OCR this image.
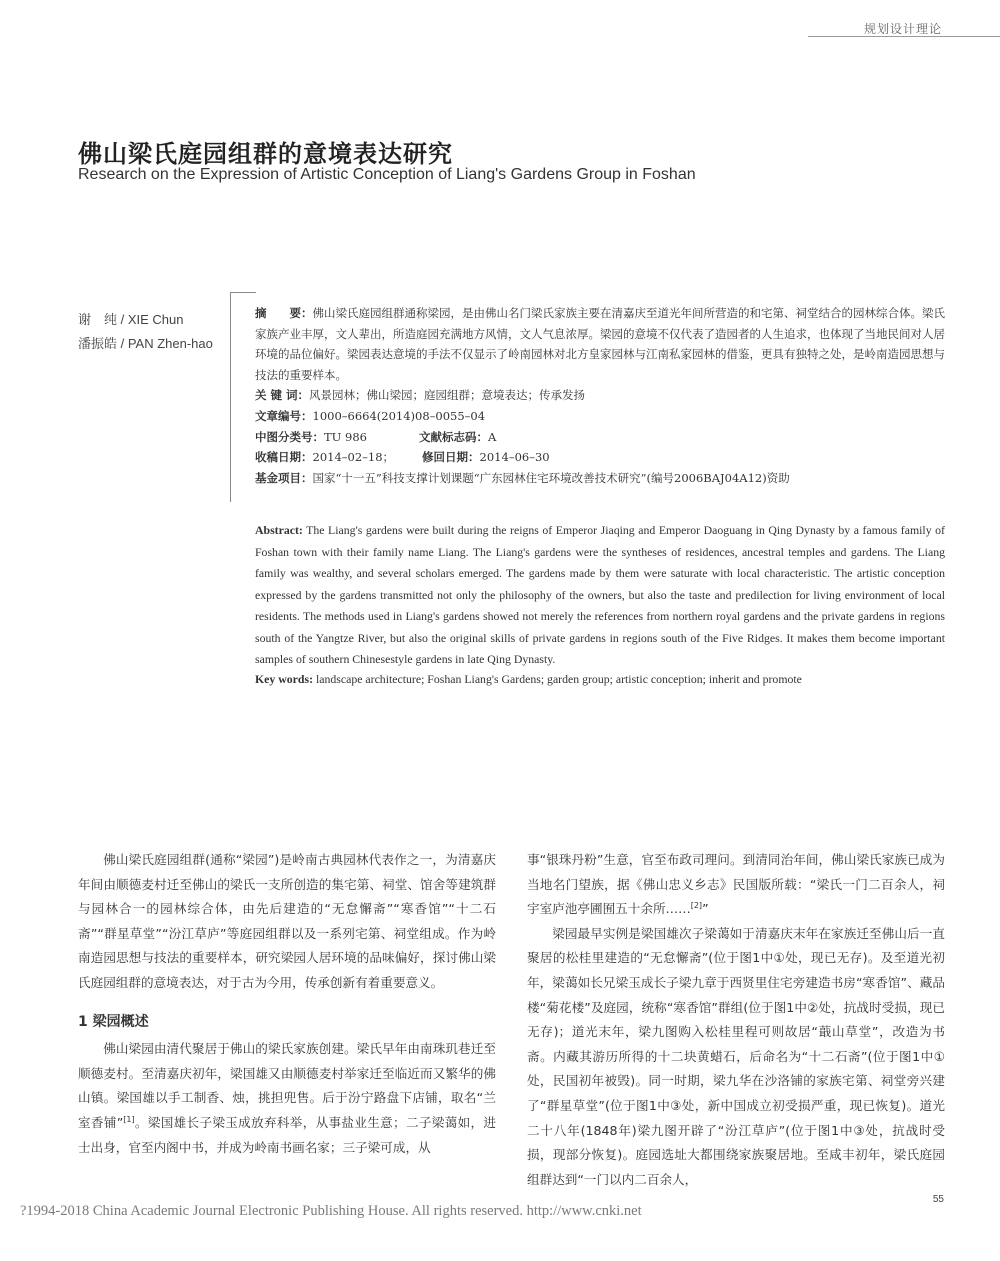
规划设计理论
佛山梁氏庭园组群的意境表达研究
Research on the Expression of Artistic Conception of Liang's Gardens Group in Foshan
谢　纯 / XIE Chun
潘振皓 / PAN Zhen-hao

摘　　要：佛山梁氏庭园组群通称梁园，是由佛山名门梁氏家族主要在清嘉庆至道光年间所营造的和宅第、祠堂结合的园林综合体。梁氏家族产业丰厚，文人辈出，所造庭园充满地方风情，文人气息浓厚。梁园的意境不仅代表了造园者的人生追求，也体现了当地民间对人居环境的品位偏好。梁园表达意境的手法不仅显示了岭南园林对北方皇家园林与江南私家园林的借鉴，更具有独特之处，是岭南造园思想与技法的重要样本。

关 键 词：风景园林；佛山梁园；庭园组群；意境表达；传承发扬

文章编号：1000–6664(2014)08–0055–04

中图分类号：TU 986	文献标志码：A

收稿日期：2014–02–18； 修回日期：2014–06–30

基金项目：国家“十一五”科技支撑计划课题“广东园林住宅环境改善技术研究”(编号2006BAJ04A12)资助

Abstract: The Liang's gardens were built during the reigns of Emperor Jiaqing and Emperor Daoguang in Qing Dynasty by a famous family of Foshan town with their family name Liang. The Liang's gardens were the syntheses of residences, ancestral temples and gardens. The Liang family was wealthy, and several scholars emerged. The gardens made by them were saturate with local characteristic. The artistic conception expressed by the gardens transmitted not only the philosophy of the owners, but also the taste and predilection for living environment of local residents. The methods used in Liang's gardens showed not merely the references from northern royal gardens and the private gardens in regions south of the Yangtze River, but also the original skills of private gardens in regions south of the Five Ridges. It makes them become important samples of southern Chinesestyle gardens in late Qing Dynasty.

Key words: landscape architecture; Foshan Liang's Gardens; garden group; artistic conception; inherit and promote

佛山梁氏庭园组群(通称“梁园”)是岭南古典园林代表作之一，为清嘉庆年间由顺德麦村迁至佛山的梁氏一支所创造的集宅第、祠堂、馆舍等建筑群与园林合一的园林综合体，由先后建造的“无怠懈斋”“寒香馆”“十二石斋”“群星草堂”“汾江草庐”等庭园组群以及一系列宅第、祠堂组成。作为岭南造园思想与技法的重要样本，研究梁园人居环境的品味偏好，探讨佛山梁氏庭园组群的意境表达，对于古为今用，传承创新有着重要意义。

1 梁园概述

佛山梁园由清代聚居于佛山的梁氏家族创建。梁氏早年由南珠玑巷迁至顺德麦村。至清嘉庆初年，梁国雄又由顺德麦村举家迁至临近而又繁华的佛山镇。梁国雄以手工制香、烛，挑担兜售。后于汾宁路盘下店铺，取名“兰室香铺”[1]。梁国雄长子梁玉成放弃科举，从事盐业生意；二子梁蔼如，进士出身，官至内阁中书，并成为岭南书画名家；三子梁可成，从

事“银珠丹粉”生意，官至布政司理问。到清同治年间，佛山梁氏家族已成为当地名门望族，据《佛山忠义乡志》民国版所载：“梁氏一门二百余人，祠宇室庐池亭圃囿五十余所……[2]”

梁园最早实例是梁国雄次子梁蔼如于清嘉庆末年在家族迁至佛山后一直聚居的松桂里建造的“无怠懈斋”(位于图1中①处，现已无存)。及至道光初年，梁蔼如长兄梁玉成长子梁九章于西贤里住宅旁建造书房“寒香馆”、藏品楼“菊花楼”及庭园，统称“寒香馆”群组(位于图1中②处，抗战时受损，现已无存)；道光末年，梁九图购入松桂里程可则故居“蕺山草堂”，改造为书斋。内藏其游历所得的十二块黄蜡石，后命名为“十二石斋”(位于图1中①处，民国初年被毁)。同一时期，梁九华在沙洛铺的家族宅第、祠堂旁兴建了“群星草堂”(位于图1中③处，新中国成立初受损严重，现已恢复)。道光二十八年(1848年)梁九图开辟了“汾江草庐”(位于图1中③处，抗战时受损，现部分恢复)。庭园选址大都围绕家族聚居地。至咸丰初年，梁氏庭园组群达到“一门以内二百余人，

55
?1994-2018 China Academic Journal Electronic Publishing House. All rights reserved. http://www.cnki.net
